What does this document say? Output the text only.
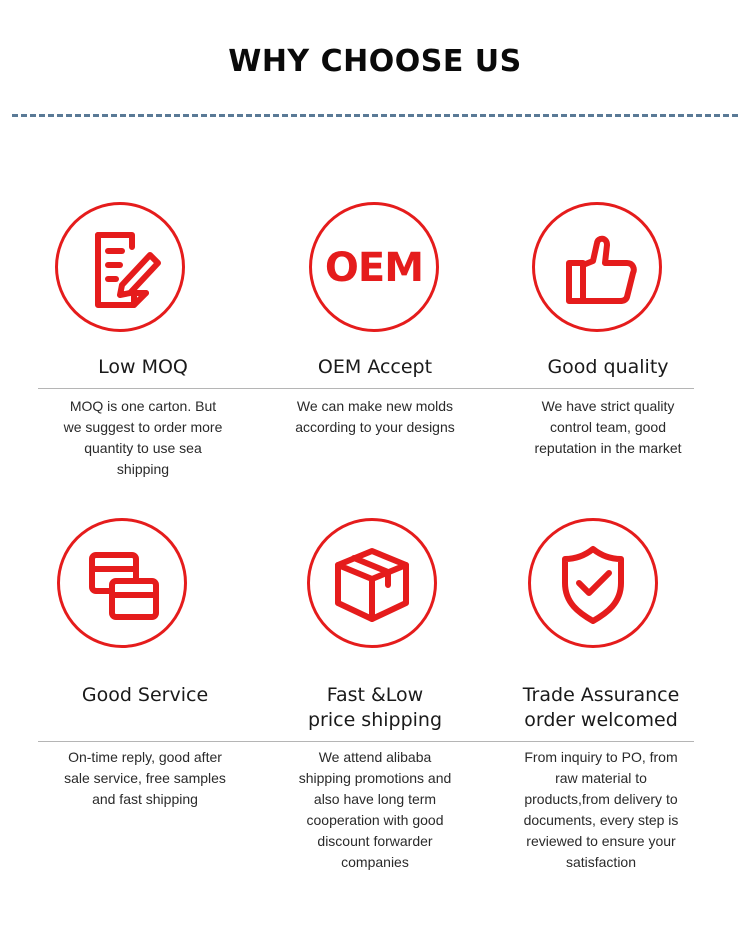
WHY CHOOSE US
Low MOQ
OEM
OEM Accept	Good quality
MOQ is one carton. But
we suggest to order more
quantity to use sea
shipping
We can make new molds
according to your designs
We have strict quality
control team, good
reputation in the market
Good Service	Fast &Low
price shipping
Trade Assurance
order welcomed
On-time reply, good after
sale service, free samples
and fast shipping
We attend alibaba
shipping promotions and
also have long term
cooperation with good
discount forwarder
companies
From inquiry to PO, from
raw material to
products,from delivery to
documents, every step is
reviewed to ensure your
satisfaction
